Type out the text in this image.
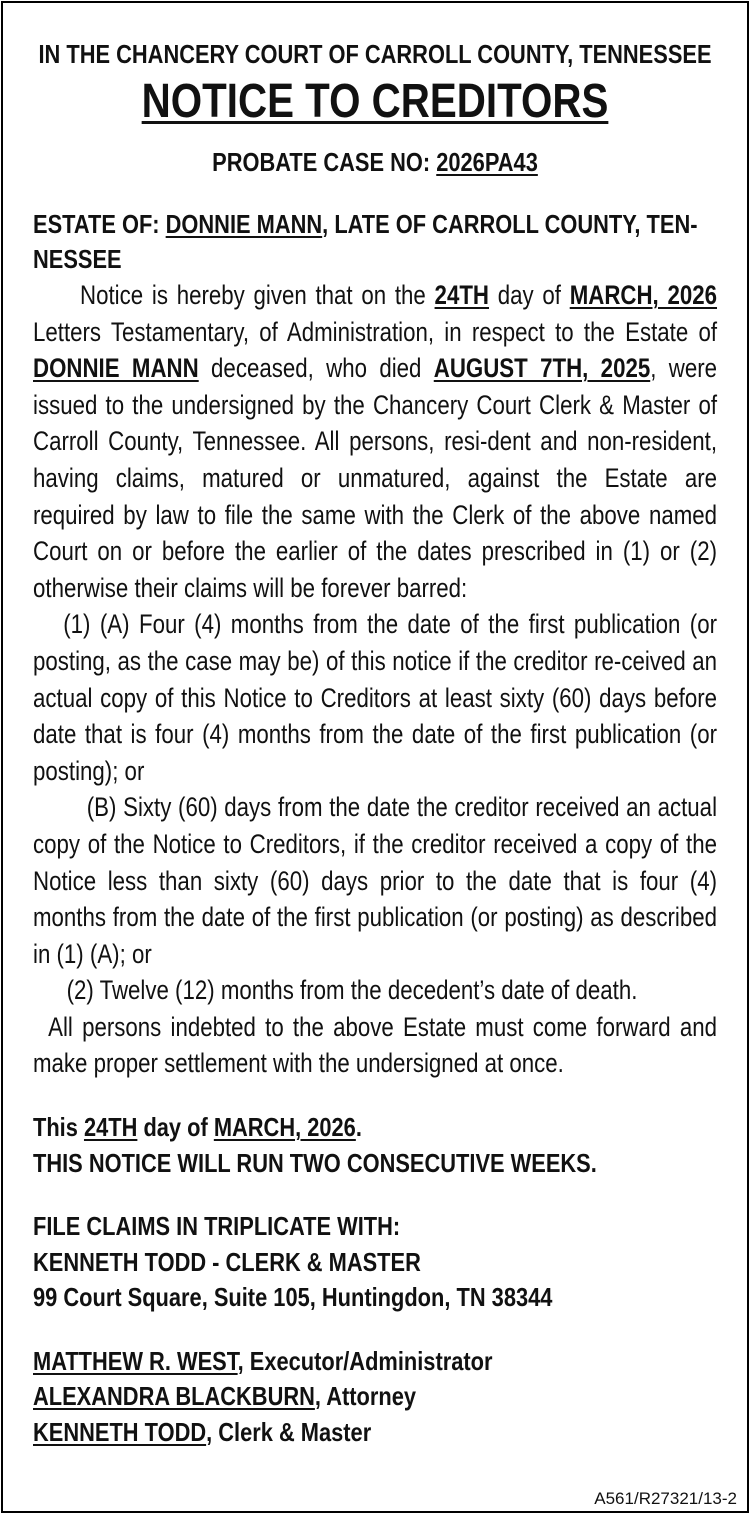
IN THE CHANCERY COURT OF CARROLL COUNTY, TENNESSEE
NOTICE TO CREDITORS
PROBATE CASE NO: 2026PA43
ESTATE OF: DONNIE MANN, LATE OF CARROLL COUNTY, TEN-NESSEE

Notice is hereby given that on the 24TH day of MARCH, 2026 Letters Testamentary, of Administration, in respect to the Estate of DONNIE MANN deceased, who died AUGUST 7TH, 2025, were issued to the undersigned by the Chancery Court Clerk & Master of Carroll County, Tennessee. All persons, resi-dent and non-resident, having claims, matured or unmatured, against the Estate are required by law to file the same with the Clerk of the above named Court on or before the earlier of the dates prescribed in (1) or (2) otherwise their claims will be forever barred:

(1) (A) Four (4) months from the date of the first publication (or posting, as the case may be) of this notice if the creditor re-ceived an actual copy of this Notice to Creditors at least sixty (60) days before date that is four (4) months from the date of the first publication (or posting); or

(B) Sixty (60) days from the date the creditor received an actual copy of the Notice to Creditors, if the creditor received a copy of the Notice less than sixty (60) days prior to the date that is four (4) months from the date of the first publication (or posting) as described in (1) (A); or

(2) Twelve (12) months from the decedent’s date of death.

All persons indebted to the above Estate must come forward and make proper settlement with the undersigned at once.

This 24TH day of MARCH, 2026.
THIS NOTICE WILL RUN TWO CONSECUTIVE WEEKS.
FILE CLAIMS IN TRIPLICATE WITH:
KENNETH TODD - CLERK & MASTER
99 Court Square, Suite 105, Huntingdon, TN 38344
MATTHEW R. WEST, Executor/Administrator
ALEXANDRA BLACKBURN, Attorney
KENNETH TODD, Clerk & Master
A561/R27321/13-2
